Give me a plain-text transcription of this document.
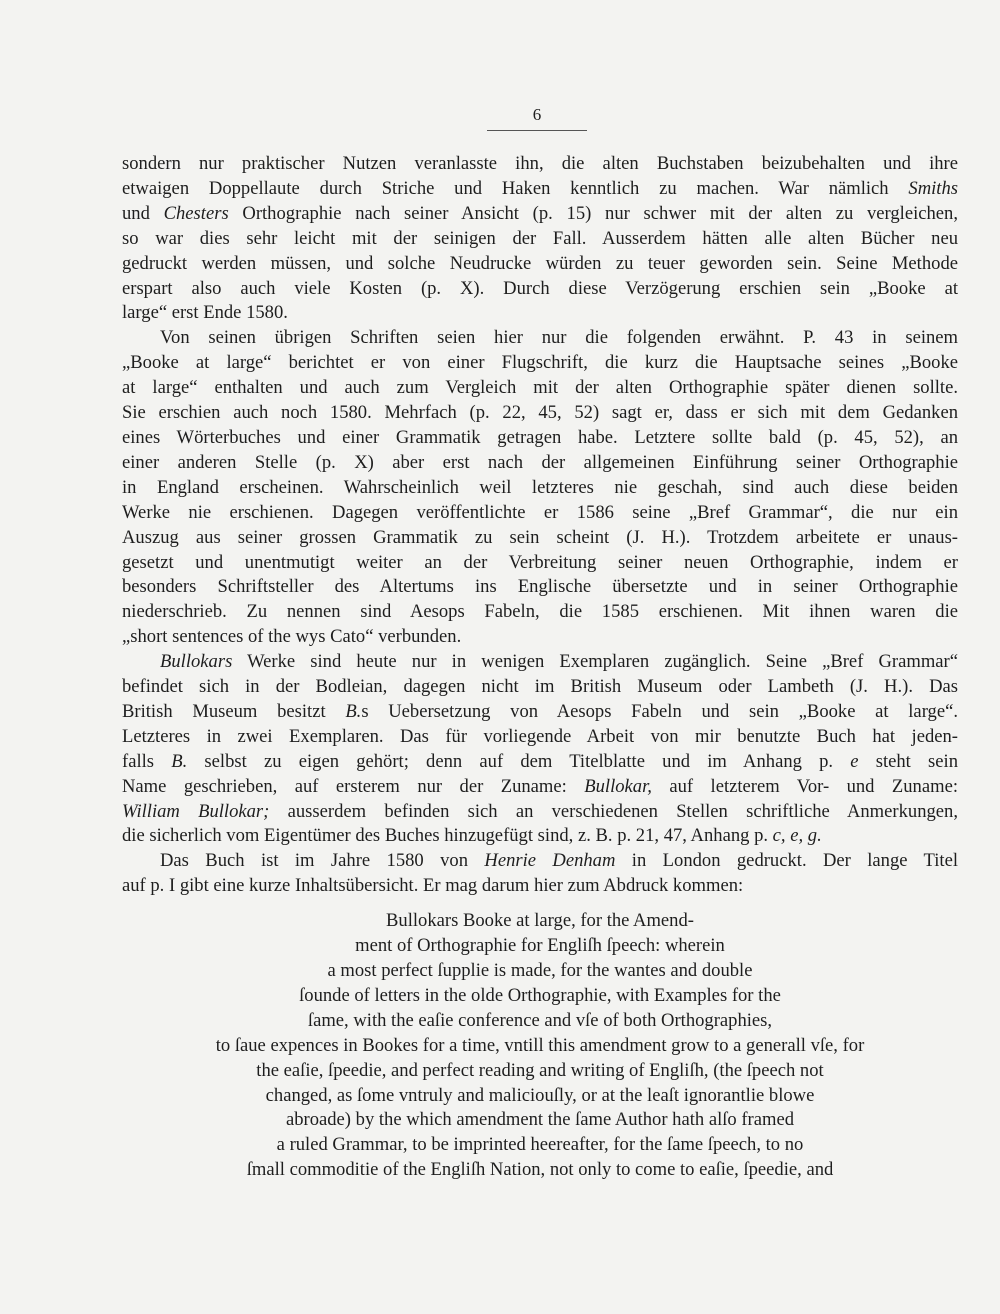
6
sondern nur praktischer Nutzen veranlasste ihn, die alten Buchstaben beizubehalten und ihre
etwaigen Doppellaute durch Striche und Haken kenntlich zu machen. War nämlich Smiths
und Chesters Orthographie nach seiner Ansicht (p. 15) nur schwer mit der alten zu vergleichen,
so war dies sehr leicht mit der seinigen der Fall. Ausserdem hätten alle alten Bücher neu
gedruckt werden müssen, und solche Neudrucke würden zu teuer geworden sein. Seine Methode
erspart also auch viele Kosten (p. X). Durch diese Verzögerung erschien sein „Booke at
large“ erst Ende 1580.
Von seinen übrigen Schriften seien hier nur die folgenden erwähnt. P. 43 in seinem
„Booke at large“ berichtet er von einer Flugschrift, die kurz die Hauptsache seines „Booke
at large“ enthalten und auch zum Vergleich mit der alten Orthographie später dienen sollte.
Sie erschien auch noch 1580. Mehrfach (p. 22, 45, 52) sagt er, dass er sich mit dem Gedanken
eines Wörterbuches und einer Grammatik getragen habe. Letztere sollte bald (p. 45, 52), an
einer anderen Stelle (p. X) aber erst nach der allgemeinen Einführung seiner Orthographie
in England erscheinen. Wahrscheinlich weil letzteres nie geschah, sind auch diese beiden
Werke nie erschienen. Dagegen veröffentlichte er 1586 seine „Bref Grammar“, die nur ein
Auszug aus seiner grossen Grammatik zu sein scheint (J. H.). Trotzdem arbeitete er unaus-
gesetzt und unentmutigt weiter an der Verbreitung seiner neuen Orthographie, indem er
besonders Schriftsteller des Altertums ins Englische übersetzte und in seiner Orthographie
niederschrieb. Zu nennen sind Aesops Fabeln, die 1585 erschienen. Mit ihnen waren die
„short sentences of the wys Cato“ verbunden.
Bullokars Werke sind heute nur in wenigen Exemplaren zugänglich. Seine „Bref Grammar“
befindet sich in der Bodleian, dagegen nicht im British Museum oder Lambeth (J. H.). Das
British Museum besitzt B.s Uebersetzung von Aesops Fabeln und sein „Booke at large“.
Letzteres in zwei Exemplaren. Das für vorliegende Arbeit von mir benutzte Buch hat jeden-
falls B. selbst zu eigen gehört; denn auf dem Titelblatte und im Anhang p. e steht sein
Name geschrieben, auf ersterem nur der Zuname: Bullokar, auf letzterem Vor- und Zuname:
William Bullokar; ausserdem befinden sich an verschiedenen Stellen schriftliche Anmerkungen,
die sicherlich vom Eigentümer des Buches hinzugefügt sind, z. B. p. 21, 47, Anhang p. c, e, g.
Das Buch ist im Jahre 1580 von Henrie Denham in London gedruckt. Der lange Titel
auf p. I gibt eine kurze Inhaltsübersicht. Er mag darum hier zum Abdruck kommen:
Bullokars Booke at large, for the Amend-
ment of Orthographie for Engliſh ſpeech: wherein
a most perfect ſupplie is made, for the wantes and double
ſounde of letters in the olde Orthographie, with Examples for the
ſame, with the eaſie conference and vſe of both Orthographies,
to ſaue expences in Bookes for a time, vntill this amendment grow to a generall vſe, for
the eaſie, ſpeedie, and perfect reading and writing of Engliſh, (the ſpeech not
changed, as ſome vntruly and maliciouſly, or at the leaſt ignorantlie blowe
abroade) by the which amendment the ſame Author hath alſo framed
a ruled Grammar, to be imprinted heereafter, for the ſame ſpeech, to no
ſmall commoditie of the Engliſh Nation, not only to come to eaſie, ſpeedie, and
